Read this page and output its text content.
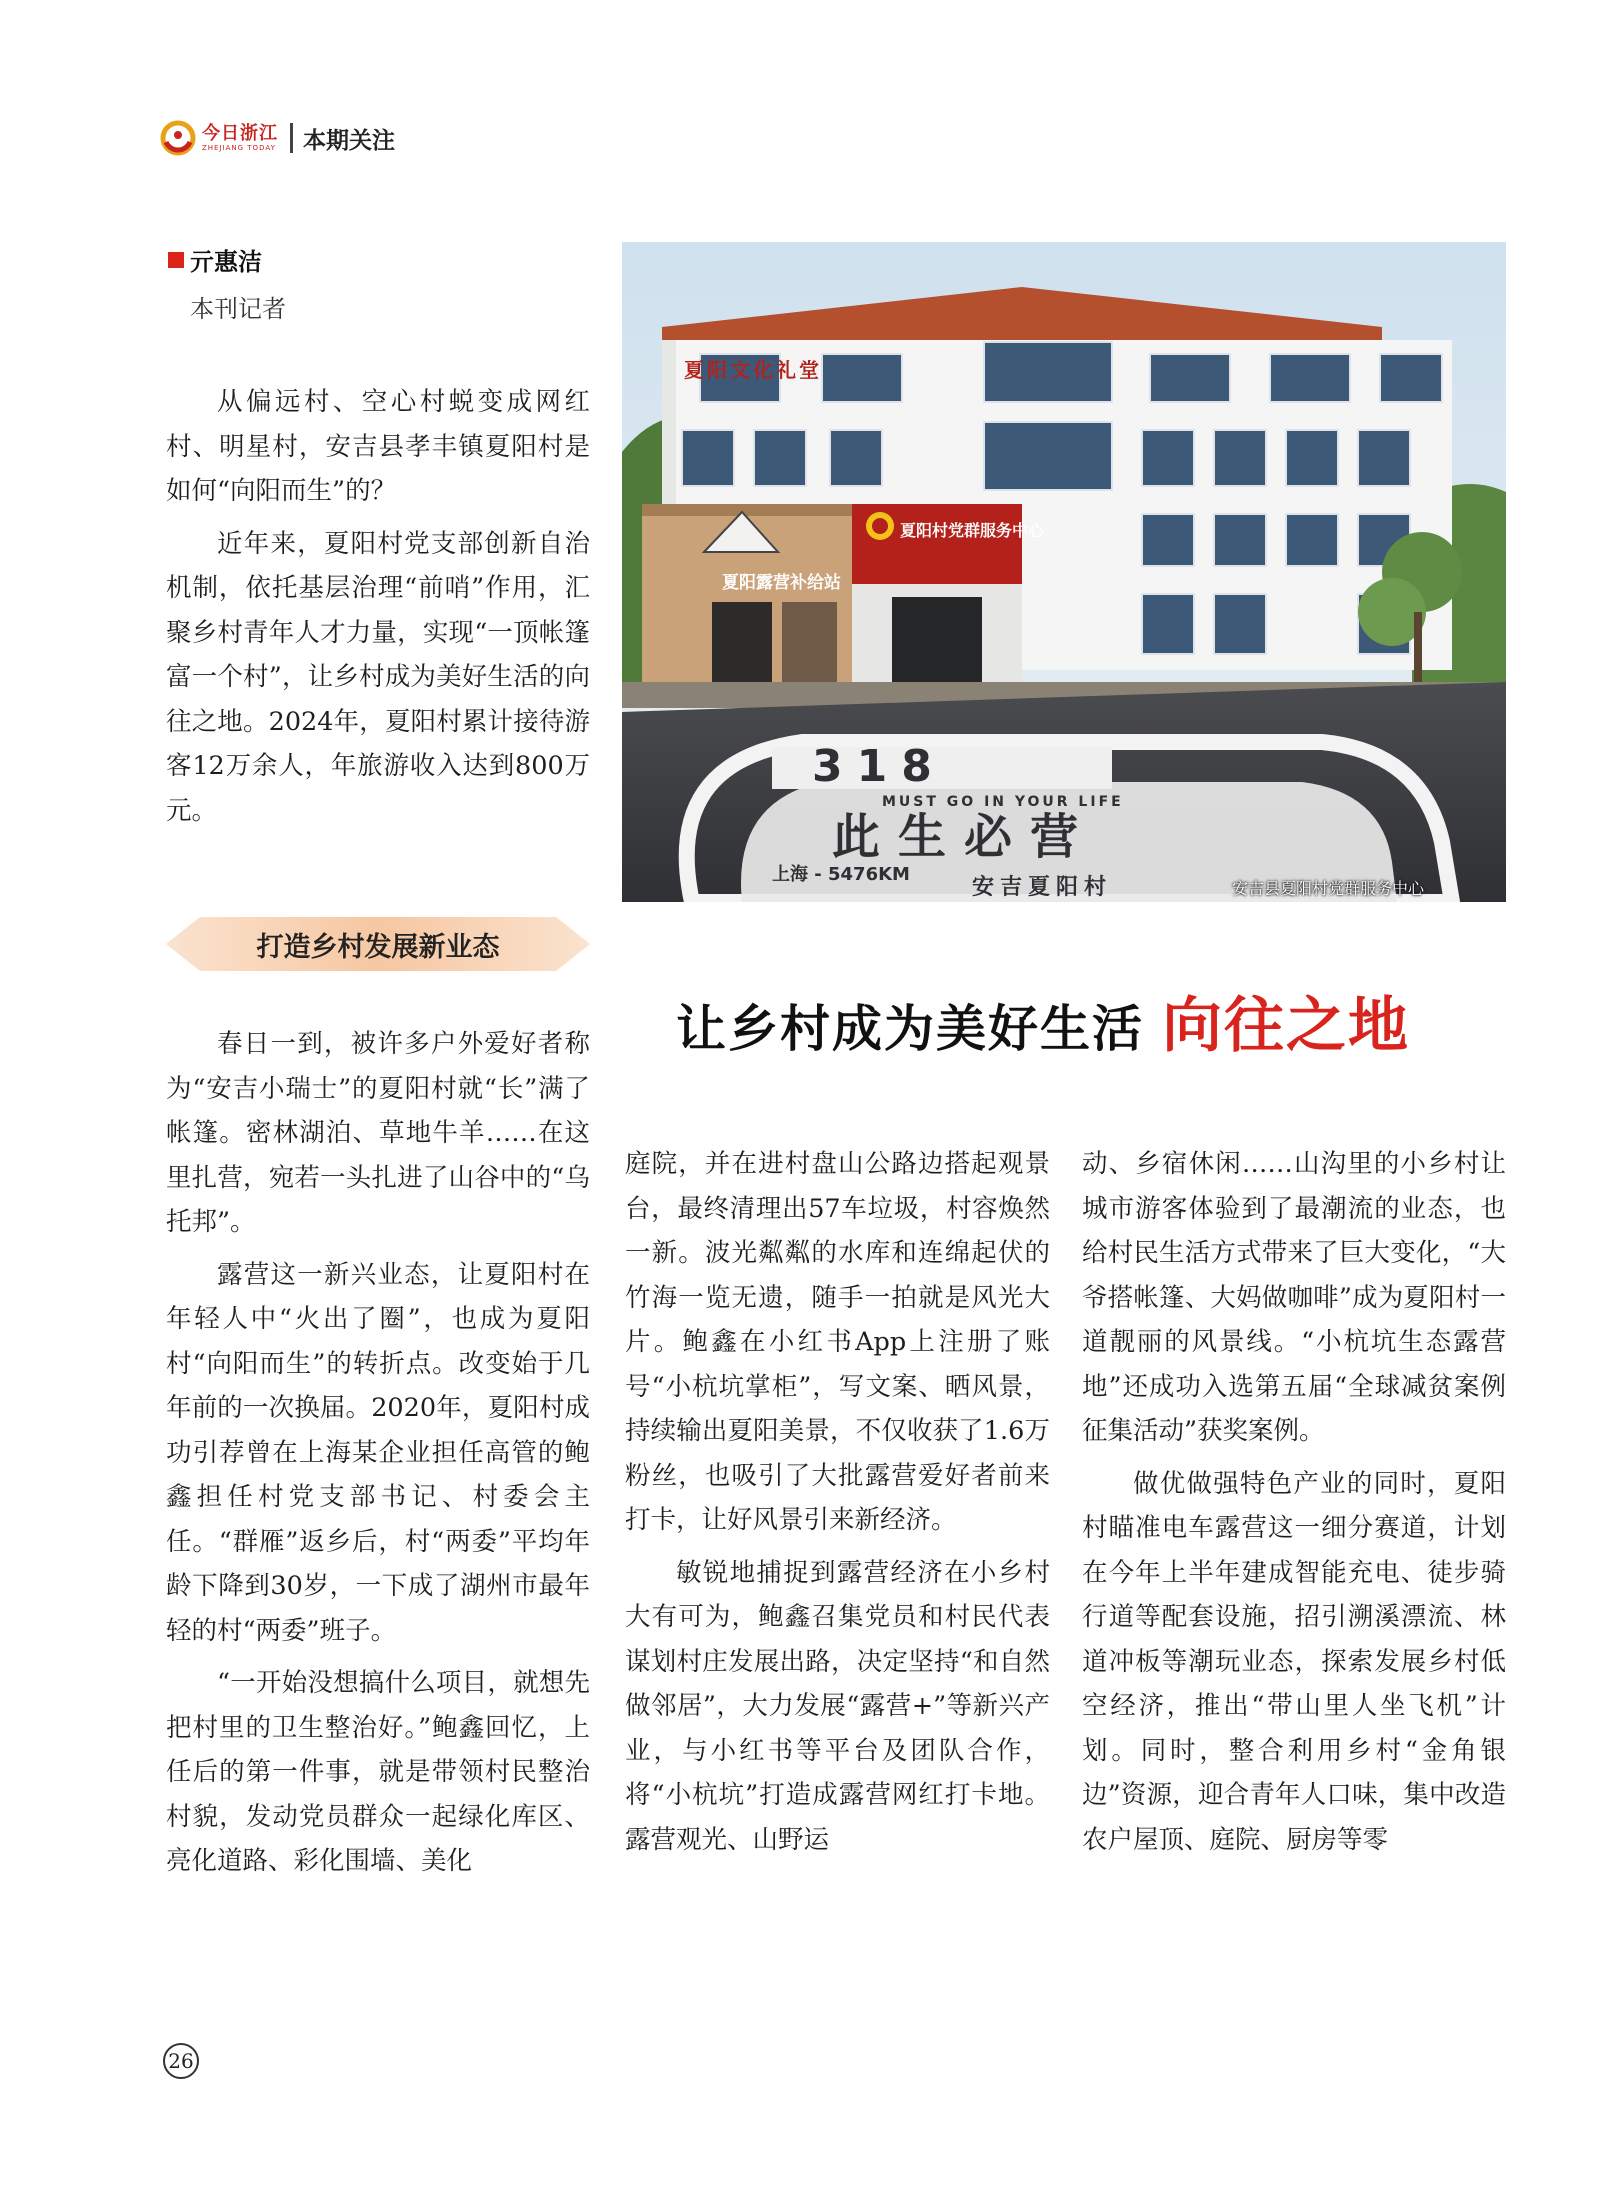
今日浙江
ZHEJIANG TODAY 本期关注
亓惠洁
本刊记者

从偏远村、空心村蜕变成网红村、明星村，安吉县孝丰镇夏阳村是如何“向阳而生”的？

近年来，夏阳村党支部创新自治机制，依托基层治理“前哨”作用，汇聚乡村青年人才力量，实现“一顶帐篷富一个村”，让乡村成为美好生活的向往之地。2024年，夏阳村累计接待游客12万余人，年旅游收入达到800万元。

打造乡村发展新业态

春日一到，被许多户外爱好者称为“安吉小瑞士”的夏阳村就“长”满了帐篷。密林湖泊、草地牛羊……在这里扎营，宛若一头扎进了山谷中的“乌托邦”。

露营这一新兴业态，让夏阳村在年轻人中“火出了圈”，也成为夏阳村“向阳而生”的转折点。改变始于几年前的一次换届。2020年，夏阳村成功引荐曾在上海某企业担任高管的鲍鑫担任村党支部书记、村委会主任。“群雁”返乡后，村“两委”平均年龄下降到30岁，一下成了湖州市最年轻的村“两委”班子。

“一开始没想搞什么项目，就想先把村里的卫生整治好。”鲍鑫回忆，上任后的第一件事，就是带领村民整治村貌，发动党员群众一起绿化库区、亮化道路、彩化围墙、美化

夏阳文化礼堂
夏阳村党群服务中心
夏阳露营补给站
318
MUST GO IN YOUR LIFE
此生必营
上海 - 5476KM
安吉夏阳村	安吉县夏阳村党群服务中心
让乡村成为美好生活 向往之地

庭院，并在进村盘山公路边搭起观景台，最终清理出57车垃圾，村容焕然一新。波光粼粼的水库和连绵起伏的竹海一览无遗，随手一拍就是风光大片。鲍鑫在小红书App上注册了账号“小杭坑掌柜”，写文案、晒风景，持续输出夏阳美景，不仅收获了1.6万粉丝，也吸引了大批露营爱好者前来打卡，让好风景引来新经济。

敏锐地捕捉到露营经济在小乡村大有可为，鲍鑫召集党员和村民代表谋划村庄发展出路，决定坚持“和自然做邻居”，大力发展“露营+”等新兴产业，与小红书等平台及团队合作，将“小杭坑”打造成露营网红打卡地。露营观光、山野运

动、乡宿休闲……山沟里的小乡村让城市游客体验到了最潮流的业态，也给村民生活方式带来了巨大变化，“大爷搭帐篷、大妈做咖啡”成为夏阳村一道靓丽的风景线。“小杭坑生态露营地”还成功入选第五届“全球减贫案例征集活动”获奖案例。

做优做强特色产业的同时，夏阳村瞄准电车露营这一细分赛道，计划在今年上半年建成智能充电、徒步骑行道等配套设施，招引溯溪漂流、林道冲板等潮玩业态，探索发展乡村低空经济，推出“带山里人坐飞机”计划。同时，整合利用乡村“金角银边”资源，迎合青年人口味，集中改造农户屋顶、庭院、厨房等零

26
